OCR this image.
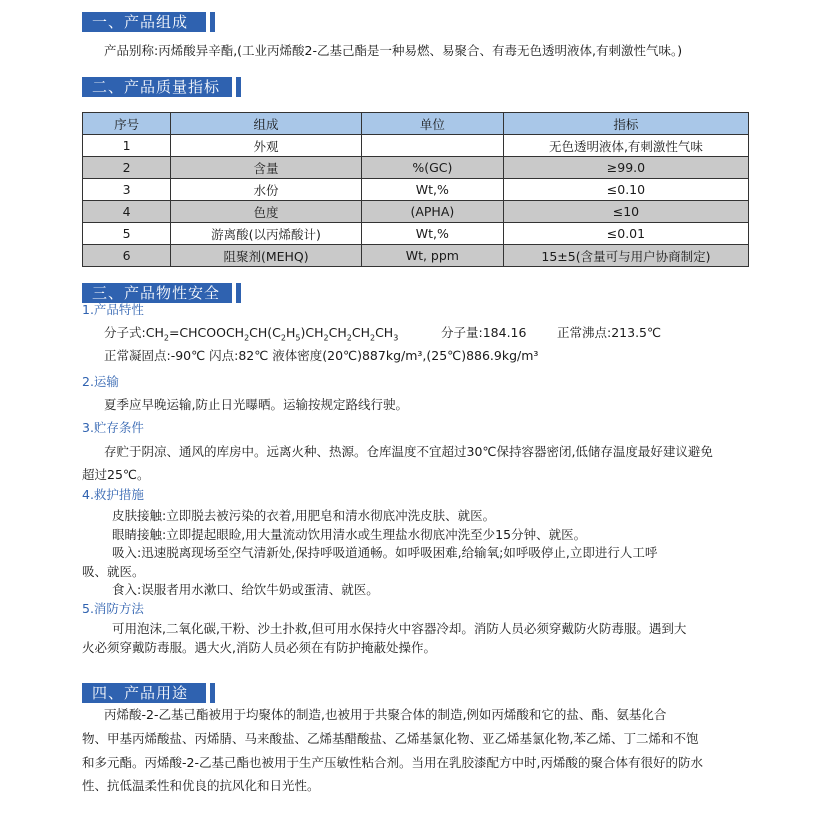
一、产品组成
产品别称:丙烯酸异辛酯,(工业丙烯酸2-乙基己酯是一种易燃、易聚合、有毒无色透明液体,有刺激性气味。)
二、产品质量指标
序号	组成	单位	指标
1	外观		无色透明液体,有刺激性气味
2	含量	%(GC)	≥99.0
3	水份	Wt,%	≤0.10
4	色度	(APHA)	≤10
5	游离酸(以丙烯酸计)	Wt,%	≤0.01
6	阻聚剂(MEHQ)	Wt, ppm	15±5(含量可与用户协商制定)
三、产品物性安全
1.产品特性
分子式$:CH_2=CHCOOCH_2CH(C_2H_5)CH_2CH_2CH_2CH_3$	分子量:184.16 正常沸点:213.5℃
正常凝固点:-90℃ 闪点:82℃ 液体密度(20℃)887kg/m³,(25℃)886.9kg/m³
2.运输
夏季应早晚运输,防止日光曝晒。运输按规定路线行驶。
3.贮存条件
存贮于阴凉、通风的库房中。远离火种、热源。仓库温度不宜超过30℃保持容器密闭,低储存温度最好建议避免
超过25℃。
4.救护措施
皮肤接触:立即脱去被污染的衣着,用肥皂和清水彻底冲洗皮肤、就医。
眼睛接触:立即提起眼睑,用大量流动饮用清水或生理盐水彻底冲洗至少15分钟、就医。
吸入:迅速脱离现场至空气清新处,保持呼吸道通畅。如呼吸困难,给输氧;如呼吸停止,立即进行人工呼
吸、就医。
食入:误服者用水漱口、给饮牛奶或蛋清、就医。
5.消防方法
可用泡沫,二氧化碳,干粉、沙土扑救,但可用水保持火中容器冷却。消防人员必须穿戴防火防毒服。遇到大
火必须穿戴防毒服。遇大火,消防人员必须在有防护掩蔽处操作。
四、产品用途
丙烯酸-2-乙基己酯被用于均聚体的制造,也被用于共聚合体的制造,例如丙烯酸和它的盐、酯、氨基化合
物、甲基丙烯酸盐、丙烯腈、马来酸盐、乙烯基醋酸盐、乙烯基氯化物、亚乙烯基氯化物,苯乙烯、丁二烯和不饱
和多元酯。丙烯酸-2-乙基己酯也被用于生产压敏性粘合剂。当用在乳胶漆配方中时,丙烯酸的聚合体有很好的防水
性、抗低温柔性和优良的抗风化和日光性。
